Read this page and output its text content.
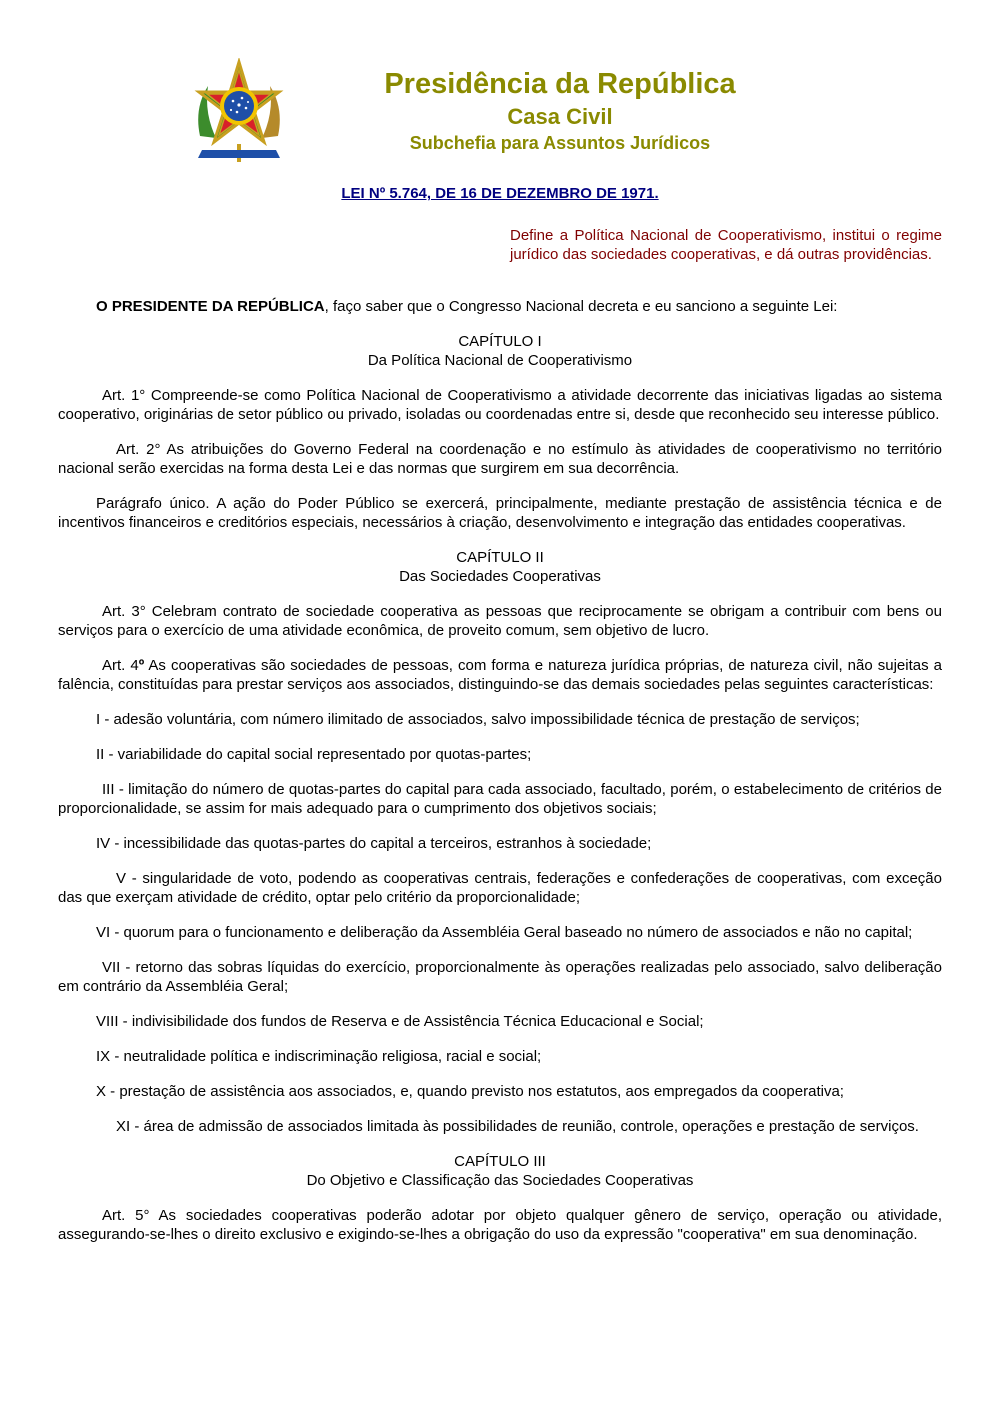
Presidência da República
Casa Civil
Subchefia para Assuntos Jurídicos
LEI Nº 5.764, DE 16 DE DEZEMBRO DE 1971.
Define a Política Nacional de Cooperativismo, institui o regime jurídico das sociedades cooperativas, e dá outras providências.

O PRESIDENTE DA REPÚBLICA, faço saber que o Congresso Nacional decreta e eu sanciono a seguinte Lei:

CAPÍTULO I
Da Política Nacional de Cooperativismo

Art. 1° Compreende-se como Política Nacional de Cooperativismo a atividade decorrente das iniciativas ligadas ao sistema cooperativo, originárias de setor público ou privado, isoladas ou coordenadas entre si, desde que reconhecido seu interesse público.

Art. 2° As atribuições do Governo Federal na coordenação e no estímulo às atividades de cooperativismo no território nacional serão exercidas na forma desta Lei e das normas que surgirem em sua decorrência.

Parágrafo único. A ação do Poder Público se exercerá, principalmente, mediante prestação de assistência técnica e de incentivos financeiros e creditórios especiais, necessários à criação, desenvolvimento e integração das entidades cooperativas.

CAPÍTULO II
Das Sociedades Cooperativas

Art. 3° Celebram contrato de sociedade cooperativa as pessoas que reciprocamente se obrigam a contribuir com bens ou serviços para o exercício de uma atividade econômica, de proveito comum, sem objetivo de lucro.

Art. 4º As cooperativas são sociedades de pessoas, com forma e natureza jurídica próprias, de natureza civil, não sujeitas a falência, constituídas para prestar serviços aos associados, distinguindo-se das demais sociedades pelas seguintes características:

I - adesão voluntária, com número ilimitado de associados, salvo impossibilidade técnica de prestação de serviços;

II - variabilidade do capital social representado por quotas-partes;

III - limitação do número de quotas-partes do capital para cada associado, facultado, porém, o estabelecimento de critérios de proporcionalidade, se assim for mais adequado para o cumprimento dos objetivos sociais;

IV - incessibilidade das quotas-partes do capital a terceiros, estranhos à sociedade;

V - singularidade de voto, podendo as cooperativas centrais, federações e confederações de cooperativas, com exceção das que exerçam atividade de crédito, optar pelo critério da proporcionalidade;

VI - quorum para o funcionamento e deliberação da Assembléia Geral baseado no número de associados e não no capital;

VII - retorno das sobras líquidas do exercício, proporcionalmente às operações realizadas pelo associado, salvo deliberação em contrário da Assembléia Geral;

VIII - indivisibilidade dos fundos de Reserva e de Assistência Técnica Educacional e Social;

IX - neutralidade política e indiscriminação religiosa, racial e social;

X - prestação de assistência aos associados, e, quando previsto nos estatutos, aos empregados da cooperativa;

XI - área de admissão de associados limitada às possibilidades de reunião, controle, operações e prestação de serviços.

CAPÍTULO III
Do Objetivo e Classificação das Sociedades Cooperativas

Art. 5° As sociedades cooperativas poderão adotar por objeto qualquer gênero de serviço, operação ou atividade, assegurando-se-lhes o direito exclusivo e exigindo-se-lhes a obrigação do uso da expressão "cooperativa" em sua denominação.
